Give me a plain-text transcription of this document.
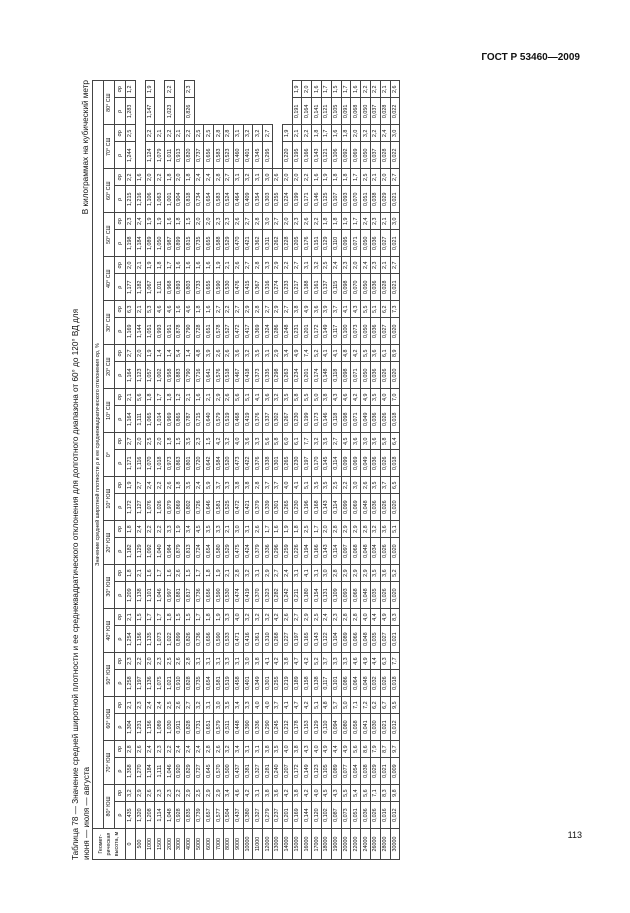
ГОСТ Р 53460—2009
Таблица 78 — Значение средней широтной плотности и ее среднеквадратического отклонения для долготного диапазона от 60° до 120° ВД для июня — июля — августа
В килограммах на кубический метр
Геомет-рическая высота, м	Значение средней широтной плотности ρ и ее среднеквадратического отклонения σρ, %																																	
	80° ЮШ		70° ЮШ		60° ЮШ		50° ЮШ		40° ЮШ		30° ЮШ		20° ЮШ		10° ЮШ		0°		10° СШ		20° СШ		30° СШ		40° СШ		50° СШ		60° СШ		70° СШ		80° СШ	
	ρ	σρ	ρ	σρ	ρ	σρ	ρ	σρ	ρ	σρ	ρ	σρ	ρ	σρ	ρ	σρ	ρ	σρ	ρ	σρ	ρ	σρ	ρ	σρ	ρ	σρ	ρ	σρ	ρ	σρ	ρ	σρ	ρ	σρ
0	1,435	3,2	1,358	2,8	1,304	2,1	1,258	2,3	1,254	2,1	1,209	1,8	1,182	1,8	1,172	1,9	1,171	2,7	1,164	2,1	1,164	2,7	1,169	6,3	1,177	2,0	1,198	2,3	1,215	2,2	1,244	2,5	1,283	1,2
500	1,320	2,9	1,270	2,6	1,231	2,3	1,197	2,2	1,156	1,5	1,138	2,1	1,129	2,4	1,127	2,7	1,116	2,0	1,111	5,6	1,123	2,0	1,144	2,1	1,182	2,1	1,184	2,4	1,216	1,6				
1000	1,208	2,6	1,184	2,4	1,156	2,4	1,136	2,0	1,135	1,7	1,101	1,6	1,092	2,2	1,076	2,4	1,070	2,5	1,065	1,8	1,057	1,9	1,051	5,3	1,067	1,9	1,089	1,9	1,106	2,0	1,124	2,2	1,147	1,9
1500	1,114	2,3	1,111	2,3	1,089	2,4	1,075	2,3	1,073	1,7	1,046	1,7	1,040	2,2	1,026	2,2	1,018	2,0	1,014	1,7	1,002	1,4	0,993	4,6	1,011	1,8	1,050	1,9	1,063	2,2	1,079	2,1		
2000	1,048	2,3	1,046	2,2	1,030	2,5	1,021	2,5	1,022	1,8	0,997	1,6	0,984	3,3	0,979	2,6	0,973	1,8	0,969	1,8	0,958	1,4	0,951	4,6	0,968	1,7	0,987	1,6	1,001	1,8	1,011	2,2	1,023	2,2
3000	0,928	2,2	0,920	2,4	0,911	2,6	0,910	2,6	0,899	1,5	0,881	2,6	0,879	1,9	0,869	1,8	0,863	1,5	0,865	1,2	0,883	5,4	0,878	1,6	0,893	1,6	0,899	1,8	0,904	2,0	0,913	2,1		
4000	0,835	2,9	0,829	2,4	0,828	2,7	0,828	2,8	0,826	1,5	0,817	1,5	0,813	3,4	0,802	3,5	0,801	3,5	0,787	2,1	0,790	1,4	0,790	4,6	0,803	1,6	0,815	1,5	0,818	1,8	0,820	2,2	0,826	2,3
5000	0,739	2,5	0,727	2,4	0,731	3,2	0,735	3,1	0,736	1,7	0,736	1,7	0,724	4,5	0,726	2,4	0,720	2,3	0,715	1,6	0,716	4,8	0,728	1,8	0,733	1,6	0,735	2,0	0,734	2,4	0,737	2,5		
6000	0,657	2,9	0,645	2,8	0,651	3,1	0,654	3,1	0,656	1,8	0,656	1,8	0,654	3,5	0,646	5,9	0,642	1,5	0,640	2,1	0,641	3,9	0,651	1,6	0,655	1,6	0,655	2,0	0,654	2,4	0,656	2,5		
7000	0,577	2,9	0,570	2,6	0,579	3,0	0,581	3,1	0,590	1,9	0,590	1,9	0,580	3,3	0,581	3,7	0,584	4,2	0,579	2,9	0,576	2,6	0,578	2,7	0,590	1,9	0,588	2,3	0,583	2,8	0,583	2,8		
8000	0,504	3,4	0,500	3,2	0,511	3,5	0,519	3,3	0,533	3,3	0,530	2,1	0,529	2,1	0,525	3,3	0,520	3,2	0,519	2,6	0,518	2,6	0,527	2,2	0,530	2,1	0,529	2,3	0,524	2,7	0,523	2,8		
9000	0,437	4,6	0,437	3,4	0,448	3,4	0,458	3,1	0,471	4,0	0,474	2,8	0,475	3,0	0,472	3,8	0,473	4,0	0,468	5,6	0,467	3,6	0,472	2,7	0,476	2,6	0,470	2,6	0,464	3,1	0,460	3,1		
10000	0,380	4,2	0,381	3,1	0,390	3,3	0,401	3,0	0,416	3,2	0,419	3,2	0,424	3,1	0,421	3,8	0,422	3,6	0,419	5,1	0,418	3,2	0,417	2,9	0,415	2,7	0,421	2,7	0,409	3,2	0,401	3,2		
11000	0,327	3,1	0,327	3,1	0,336	4,0	0,349	3,8	0,361	3,2	0,370	3,1	0,379	2,6	0,379	2,8	0,376	3,3	0,376	4,1	0,373	3,5	0,369	2,8	0,367	2,8	0,362	2,8	0,354	3,1	0,345	3,2		
12000	0,279	3,8	0,281	3,8	0,290	4,0	0,301	4,1	0,310	3,2	0,323	2,9	0,336	1,7	0,339	3,7	0,338	5,6	0,337	3,6	0,335	3,1	0,324	2,7	0,316	3,3	0,311	3,0	0,303	3,0	0,295	2,7		
13000	0,237	3,6	0,240	3,5	0,245	3,7	0,255	4,2	0,268	4,2	0,282	2,7	0,296	1,6	0,301	3,7	0,301	5,8	0,302	3,2	0,298	2,9	0,286	2,9	0,274	2,9	0,262	2,7	0,255	2,6				
14000	0,201	4,2	0,207	4,0	0,212	4,1	0,219	3,8	0,227	2,6	0,242	2,4	0,259	1,9	0,265	4,0	0,265	6,0	0,267	3,5	0,263	3,4	0,248	2,7	0,233	2,2	0,228	2,0	0,224	2,0	0,220	1,9		
15000	0,169	3,8	0,172	3,8	0,178	4,7	0,189	4,7	0,197	2,7	0,211	3,1	0,226	1,8	0,230	4,1	0,230	6,1	0,230	5,8	0,234	4,9	0,231	3,8	0,217	2,7	0,205	2,3	0,199	2,0	0,195	2,1	0,191	1,9
16000	0,144	4,2	0,149	4,3	0,153	4,2	0,158	4,2	0,165	2,9	0,180	4,1	0,194	2,5	0,196	5,1	0,197	7,7	0,199	5,5	0,201	7,4	0,201	4,9	0,188	3,1	0,176	2,6	0,171	2,2	0,166	2,2	0,164	2,0
17000	0,120	4,0	0,123	4,0	0,129	5,1	0,138	5,2	0,143	2,5	0,154	3,1	0,166	1,7	0,168	3,5	0,170	3,2	0,173	5,0	0,174	5,2	0,172	3,6	0,161	3,2	0,151	2,2	0,146	1,6	0,143	1,8	0,141	1,6
18000	0,102	4,5	0,105	4,9	0,110	4,8	0,117	3,7	0,122	2,4	0,131	3,0	0,143	2,0	0,143	3,5	0,145	3,5	0,146	3,8	0,148	4,1	0,149	3,9	0,137	2,5	0,129	1,8	0,125	1,9	0,121	1,7	0,121	1,7
19000	0,087	4,3	0,089	4,4	0,094	5,7	0,101	3,3	0,104	2,3	0,109	2,8	0,114	2,8	0,114	2,5	0,114	2,7	0,118	4,3	0,118	4,1	0,117	3,7	0,115	2,4	0,110	1,8	0,107	1,8	0,106	1,6	0,105	1,5
20000	0,073	5,5	0,077	4,9	0,080	5,0	0,086	3,3	0,089	2,8	0,093	2,9	0,097	2,9	0,099	2,2	0,099	4,5	0,098	4,6	0,098	4,8	0,100	4,1	0,098	2,3	0,095	1,9	0,093	1,8	0,092	1,8	0,091	1,7
22000	0,051	5,4	0,054	5,6	0,058	7,1	0,064	4,6	0,066	2,8	0,068	2,9	0,068	2,9	0,069	3,0	0,069	3,6	0,071	4,2	0,071	4,2	0,073	4,3	0,070	2,0	0,071	1,7	0,070	1,7	0,069	2,0	0,068	1,6
24000	0,036	5,6	0,038	8,6	0,041	7,2	0,048	4,9	0,048	4,0	0,048	2,9	0,048	2,8	0,048	2,6	0,049	3,0	0,049	4,9	0,050	5,5	0,050	5,5	0,050	2,4	0,050	2,4	0,051	2,5	0,050	3,2	0,050	2,2
26000	0,026	7,1	0,029	7,9	0,030	6,2	0,032	4,4	0,035	4,4	0,035	3,5	0,034	3,2	0,036	3,5	0,036	3,6	0,036	3,5	0,036	3,6	0,036	5,1	0,036	2,3	0,036	2,3	0,038	2,1	0,037	2,2	0,037	2,2
28000	0,016	8,3	0,021	8,7	0,021	6,7	0,026	6,3	0,027	4,9	0,026	3,6	0,026	3,6	0,026	3,7	0,026	5,8	0,026	4,0	0,026	6,1	0,027	6,2	0,028	2,1	0,027	2,1	0,029	2,0	0,028	2,4	0,028	2,1
30000	0,012	9,8	0,009	9,7	0,012	9,5	0,018	7,7	0,021	8,3	0,020	5,2	0,020	5,1	0,020	6,5	0,018	6,4	0,018	7,0	0,020	8,9	0,020	7,3	0,021	2,7	0,021	3,0	0,021	2,7	0,022	3,0	0,022	2,6
113
